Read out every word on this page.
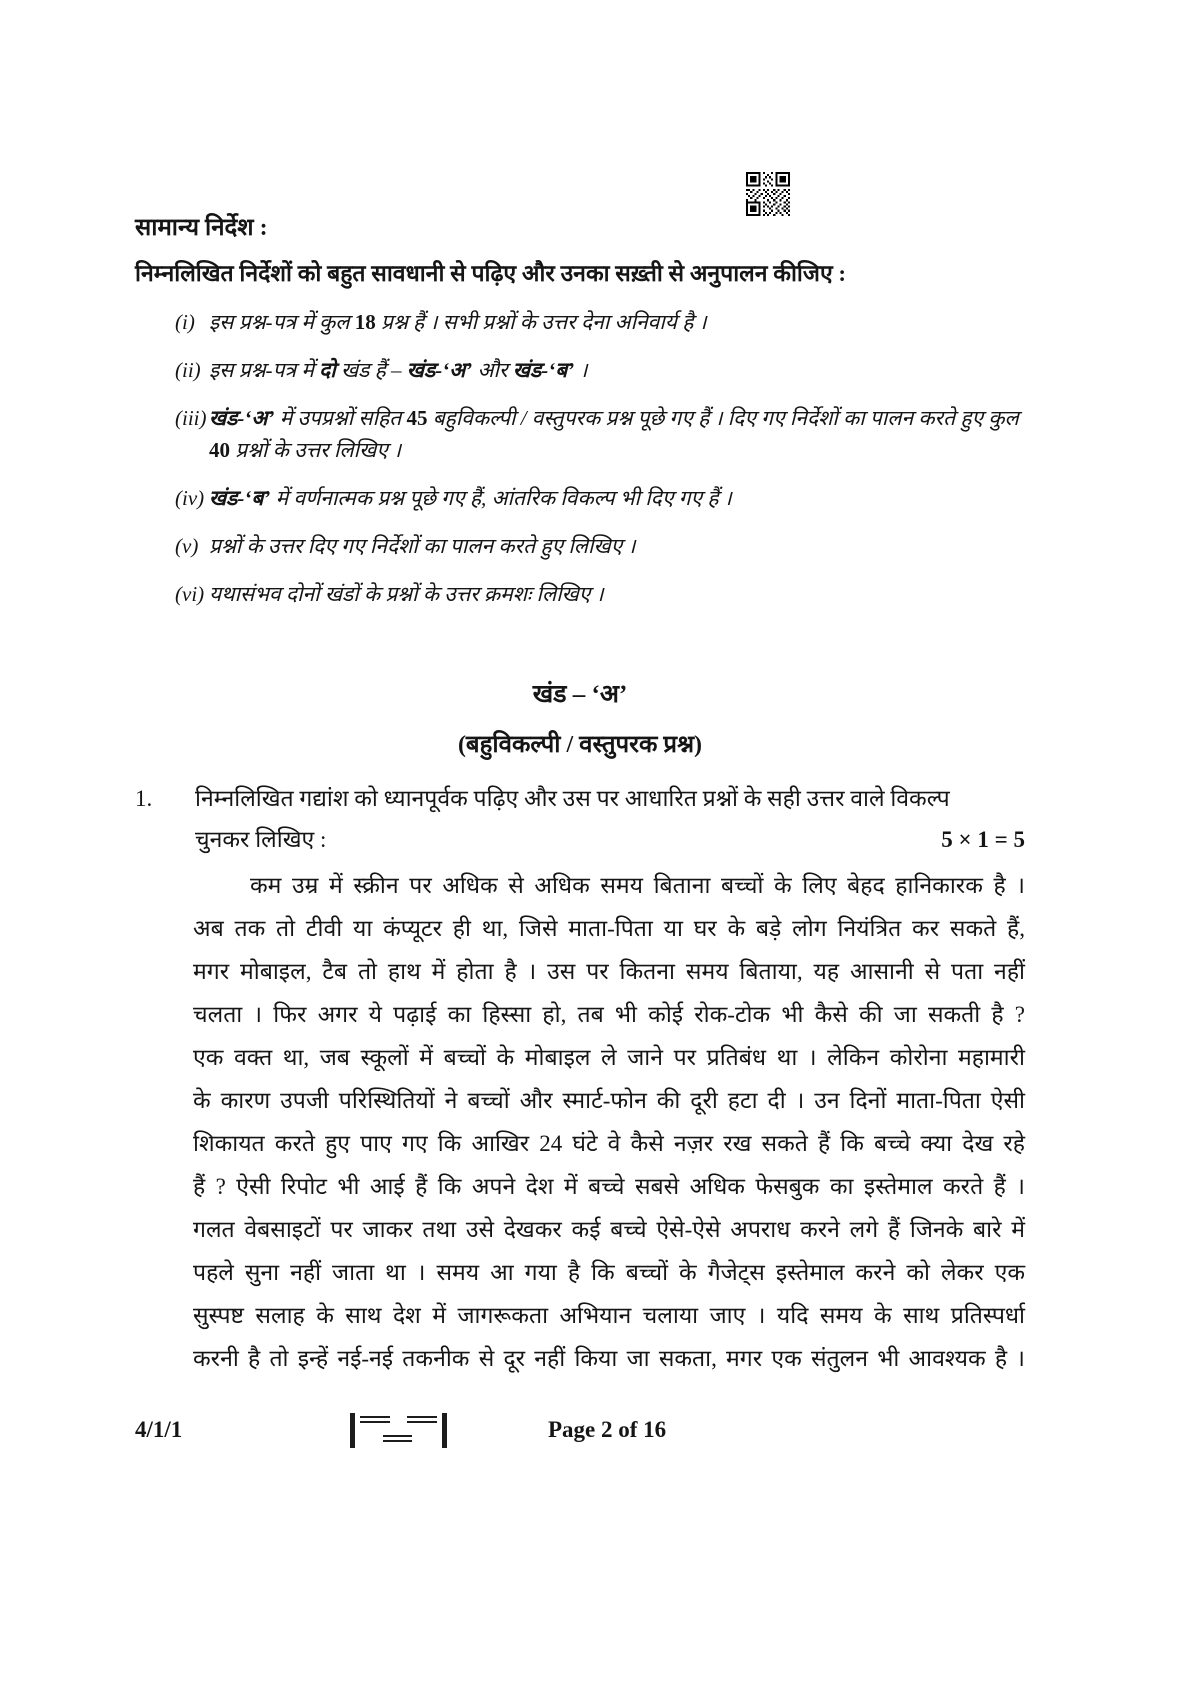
सामान्य निर्देश :
निम्नलिखित निर्देशों को बहुत सावधानी से पढ़िए और उनका सख़्ती से अनुपालन कीजिए :
(i) इस प्रश्न-पत्र में कुल 18 प्रश्न हैं । सभी प्रश्नों के उत्तर देना अनिवार्य है ।
(ii) इस प्रश्न-पत्र में दो खंड हैं – खंड-‘अ’ और खंड-‘ब’ ।
(iii) खंड-‘अ’ में उपप्रश्नों सहित 45 बहुविकल्पी / वस्तुपरक प्रश्न पूछे गए हैं । दिए गए निर्देशों का पालन करते हुए कुल 40 प्रश्नों के उत्तर लिखिए ।
(iv) खंड-‘ब’ में वर्णनात्मक प्रश्न पूछे गए हैं, आंतरिक विकल्प भी दिए गए हैं ।
(v) प्रश्नों के उत्तर दिए गए निर्देशों का पालन करते हुए लिखिए ।
(vi) यथासंभव दोनों खंडों के प्रश्नों के उत्तर क्रमशः लिखिए ।
खंड – ‘अ’
(बहुविकल्पी / वस्तुपरक प्रश्न)
1.
5 × 1 = 5
निम्नलिखित गद्यांश को ध्यानपूर्वक पढ़िए और उस पर आधारित प्रश्नों के सही उत्तर वाले विकल्प
चुनकर लिखिए :
कम उम्र में स्क्रीन पर अधिक से अधिक समय बिताना बच्चों के लिए बेहद हानिकारक है ।
अब तक तो टीवी या कंप्यूटर ही था, जिसे माता-पिता या घर के बड़े लोग नियंत्रित कर सकते हैं,
मगर मोबाइल, टैब तो हाथ में होता है । उस पर कितना समय बिताया, यह आसानी से पता नहीं
चलता । फिर अगर ये पढ़ाई का हिस्सा हो, तब भी कोई रोक-टोक भी कैसे की जा सकती है ?
एक वक्त था, जब स्कूलों में बच्चों के मोबाइल ले जाने पर प्रतिबंध था । लेकिन कोरोना महामारी
के कारण उपजी परिस्थितियों ने बच्चों और स्मार्ट-फोन की दूरी हटा दी । उन दिनों माता-पिता ऐसी
शिकायत करते हुए पाए गए कि आखिर 24 घंटे वे कैसे नज़र रख सकते हैं कि बच्चे क्या देख रहे
हैं ? ऐसी रिपोट भी आई हैं कि अपने देश में बच्चे सबसे अधिक फेसबुक का इस्तेमाल करते हैं ।
गलत वेबसाइटों पर जाकर तथा उसे देखकर कई बच्चे ऐसे-ऐसे अपराध करने लगे हैं जिनके बारे में
पहले सुना नहीं जाता था । समय आ गया है कि बच्चों के गैजेट्स इस्तेमाल करने को लेकर एक
सुस्पष्ट सलाह के साथ देश में जागरूकता अभियान चलाया जाए । यदि समय के साथ प्रतिस्पर्धा
करनी है तो इन्हें नई-नई तकनीक से दूर नहीं किया जा सकता, मगर एक संतुलन भी आवश्यक है ।
4/1/1	Page 2 of 16
